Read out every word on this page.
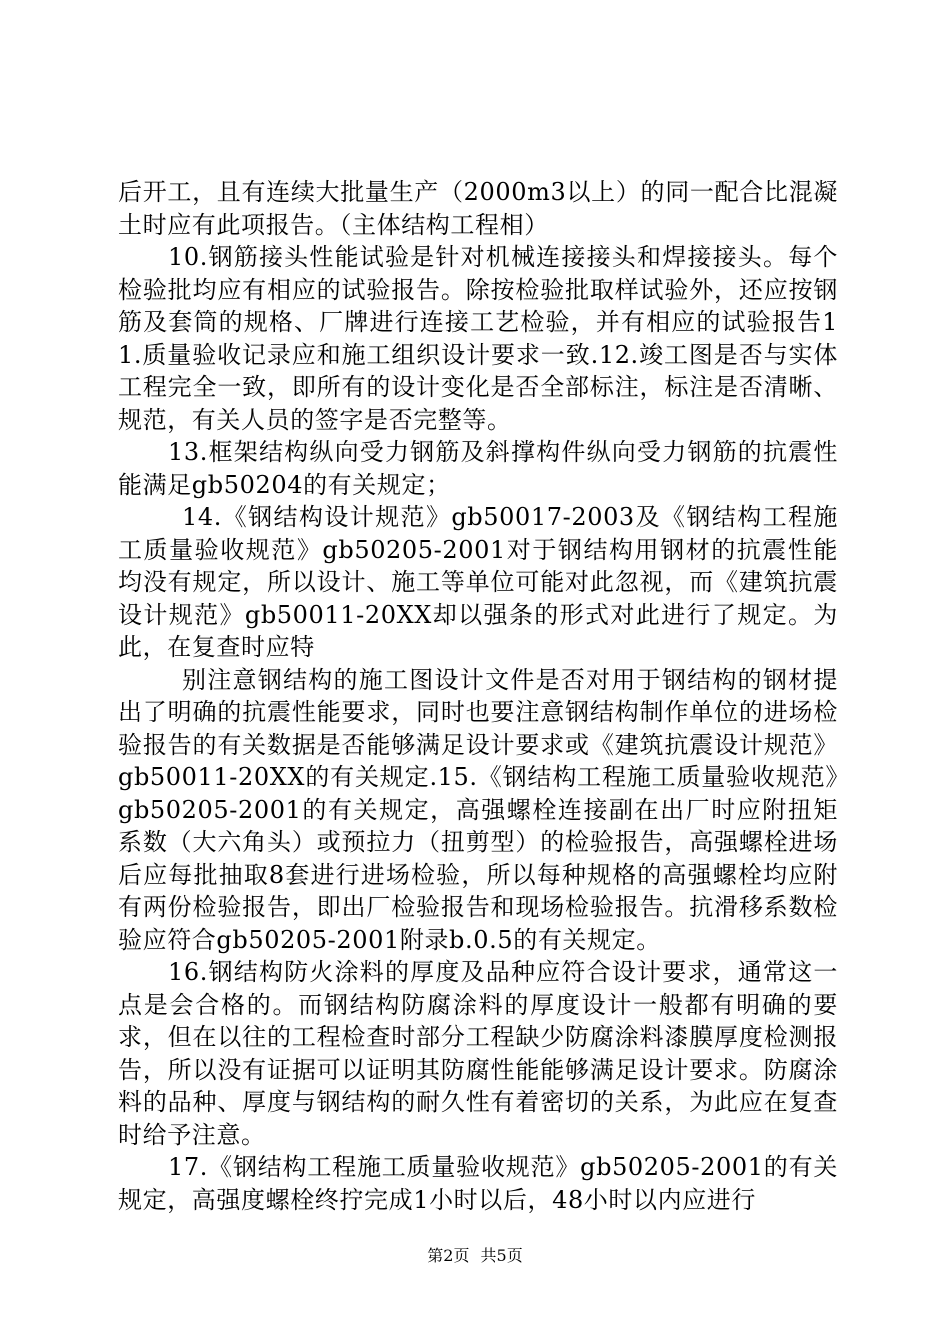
后开工，且有连续大批量生产（2000m3以上）的同一配合比混凝土时应有此项报告。（主体结构工程相）

10.钢筋接头性能试验是针对机械连接接头和焊接接头。每个检验批均应有相应的试验报告。除按检验批取样试验外，还应按钢筋及套筒的规格、厂牌进行连接工艺检验，并有相应的试验报告11.质量验收记录应和施工组织设计要求一致.12.竣工图是否与实体工程完全一致，即所有的设计变化是否全部标注，标注是否清晰、规范，有关人员的签字是否完整等。

13.框架结构纵向受力钢筋及斜撑构件纵向受力钢筋的抗震性能满足gb50204的有关规定；

14.《钢结构设计规范》gb50017-2003及《钢结构工程施工质量验收规范》gb50205-2001对于钢结构用钢材的抗震性能均没有规定，所以设计、施工等单位可能对此忽视，而《建筑抗震设计规范》gb50011-20XX却以强条的形式对此进行了规定。为此，在复查时应特

别注意钢结构的施工图设计文件是否对用于钢结构的钢材提出了明确的抗震性能要求，同时也要注意钢结构制作单位的进场检验报告的有关数据是否能够满足设计要求或《建筑抗震设计规范》gb50011-20XX的有关规定.15.《钢结构工程施工质量验收规范》gb50205-2001的有关规定，高强螺栓连接副在出厂时应附扭矩系数（大六角头）或预拉力（扭剪型）的检验报告，高强螺栓进场后应每批抽取8套进行进场检验，所以每种规格的高强螺栓均应附有两份检验报告，即出厂检验报告和现场检验报告。抗滑移系数检验应符合gb50205-2001附录b.0.5的有关规定。

16.钢结构防火涂料的厚度及品种应符合设计要求，通常这一点是会合格的。而钢结构防腐涂料的厚度设计一般都有明确的要求，但在以往的工程检查时部分工程缺少防腐涂料漆膜厚度检测报告，所以没有证据可以证明其防腐性能能够满足设计要求。防腐涂料的品种、厚度与钢结构的耐久性有着密切的关系，为此应在复查时给予注意。

17.《钢结构工程施工质量验收规范》gb50205-2001的有关规定，高强度螺栓终拧完成1小时以后，48小时以内应进行

第2页 共5页
